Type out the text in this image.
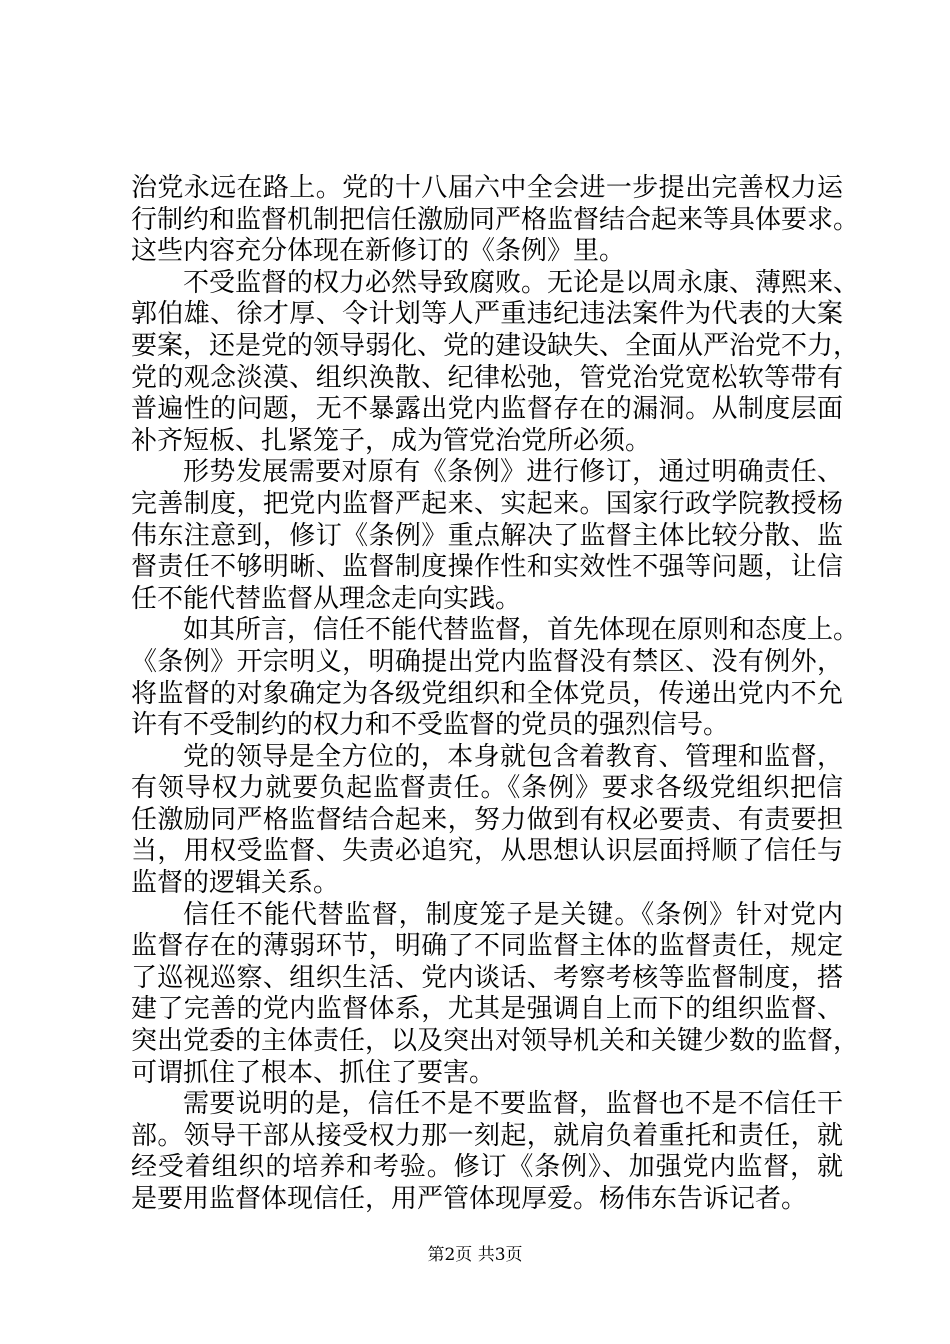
治党永远在路上。党的十八届六中全会进一步提出完善权力运
行制约和监督机制把信任激励同严格监督结合起来等具体要求。
这些内容充分体现在新修订的《条例》里。
不受监督的权力必然导致腐败。无论是以周永康、薄熙来、
郭伯雄、徐才厚、令计划等人严重违纪违法案件为代表的大案
要案，还是党的领导弱化、党的建设缺失、全面从严治党不力，
党的观念淡漠、组织涣散、纪律松弛，管党治党宽松软等带有
普遍性的问题，无不暴露出党内监督存在的漏洞。从制度层面
补齐短板、扎紧笼子，成为管党治党所必须。
形势发展需要对原有《条例》进行修订，通过明确责任、
完善制度，把党内监督严起来、实起来。国家行政学院教授杨
伟东注意到，修订《条例》重点解决了监督主体比较分散、监
督责任不够明晰、监督制度操作性和实效性不强等问题，让信
任不能代替监督从理念走向实践。
如其所言，信任不能代替监督，首先体现在原则和态度上。
《条例》开宗明义，明确提出党内监督没有禁区、没有例外，
将监督的对象确定为各级党组织和全体党员，传递出党内不允
许有不受制约的权力和不受监督的党员的强烈信号。
党的领导是全方位的，本身就包含着教育、管理和监督，
有领导权力就要负起监督责任。《条例》要求各级党组织把信
任激励同严格监督结合起来，努力做到有权必要责、有责要担
当，用权受监督、失责必追究，从思想认识层面捋顺了信任与
监督的逻辑关系。
信任不能代替监督，制度笼子是关键。《条例》针对党内
监督存在的薄弱环节，明确了不同监督主体的监督责任，规定
了巡视巡察、组织生活、党内谈话、考察考核等监督制度，搭
建了完善的党内监督体系，尤其是强调自上而下的组织监督、
突出党委的主体责任，以及突出对领导机关和关键少数的监督，
可谓抓住了根本、抓住了要害。
需要说明的是，信任不是不要监督，监督也不是不信任干
部。领导干部从接受权力那一刻起，就肩负着重托和责任，就
经受着组织的培养和考验。修订《条例》、加强党内监督，就
是要用监督体现信任，用严管体现厚爱。杨伟东告诉记者。
第2页 共3页
